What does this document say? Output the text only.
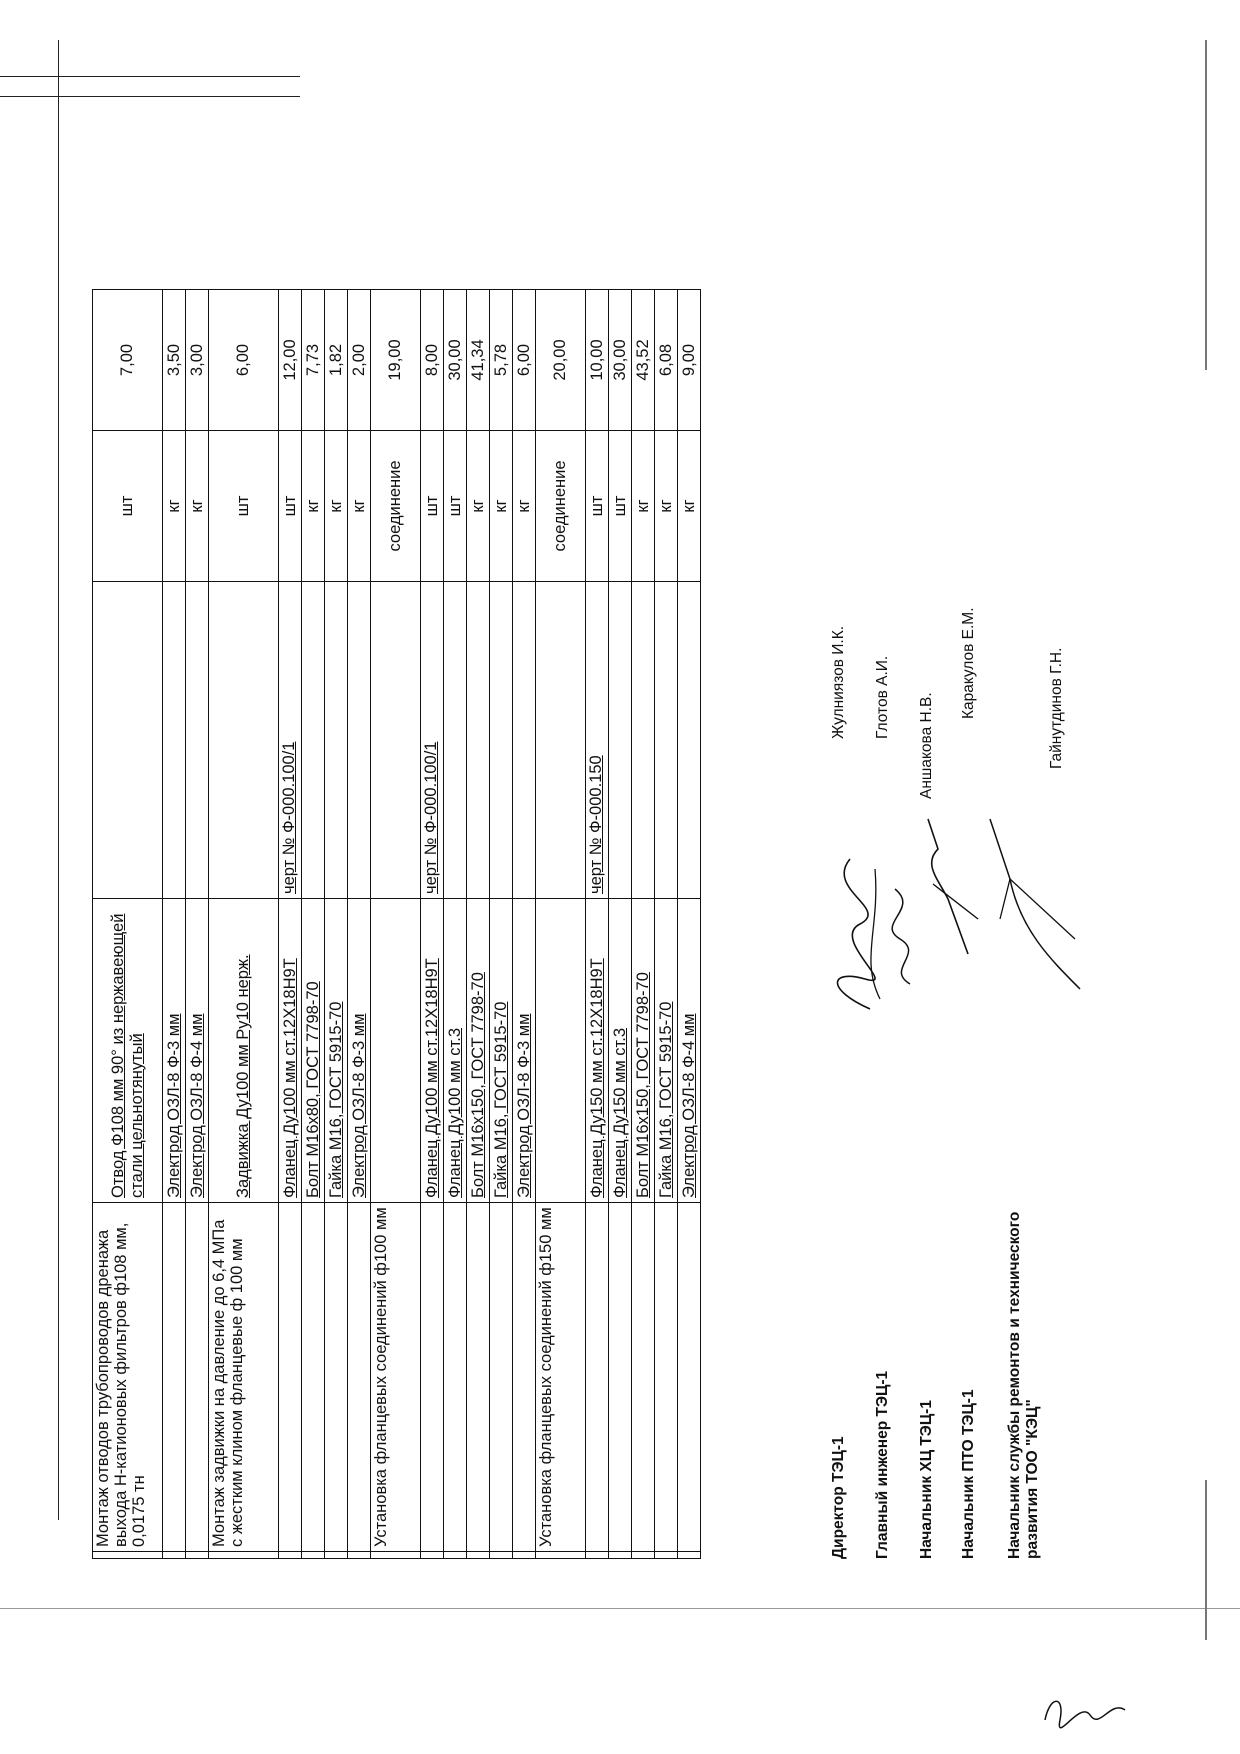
	Монтаж отводов трубопроводов дренажа выхода Н-катионовых фильтров ф108 мм, 0,0175 тн	Отвод Ф108 мм 90° из нержавеющей стали цельнотянутый		шт	7,00
		Электрод ОЗЛ-8 Ф-3 мм		кг	3,50
		Электрод ОЗЛ-8 Ф-4 мм		кг	3,00
	Монтаж задвижки на давление до 6,4 МПа с жестким клином фланцевые ф 100 мм	Задвижка Ду100 мм Ру10 нерж.		шт	6,00
		Фланец Ду100 мм ст.12Х18Н9Т	черт № Ф-000.100/1	шт	12,00
		Болт М16х80, ГОСТ 7798-70		кг	7,73
		Гайка М16, ГОСТ 5915-70		кг	1,82
		Электрод ОЗЛ-8 Ф-3 мм		кг	2,00
	Установка фланцевых соединений ф100 мм			соединение	19,00
		Фланец Ду100 мм ст.12Х18Н9Т	черт № Ф-000.100/1	шт	8,00
		Фланец Ду100 мм ст.3		шт	30,00
		Болт М16х150, ГОСТ 7798-70		кг	41,34
		Гайка М16, ГОСТ 5915-70		кг	5,78
		Электрод ОЗЛ-8 Ф-3 мм		кг	6,00
	Установка фланцевых соединений ф150 мм			соединение	20,00
		Фланец Ду150 мм ст.12Х18Н9Т	черт № Ф-000.150	шт	10,00
		Фланец Ду150 мм ст.3		шт	30,00
		Болт М16х150, ГОСТ 7798-70		кг	43,52
		Гайка М16, ГОСТ 5915-70		кг	6,08
		Электрод ОЗЛ-8 Ф-4 мм		кг	9,00
Директор ТЭЦ-1
Жулниязов И.К.
Главный инженер ТЭЦ-1
Глотов А.И.
Начальник ХЦ ТЭЦ-1
Аншакова Н.В.
Начальник ПТО ТЭЦ-1
Каракулов Е.М.
Начальник службы ремонтов и технического развития ТОО "КЭЦ"
Гайнутдинов Г.Н.
